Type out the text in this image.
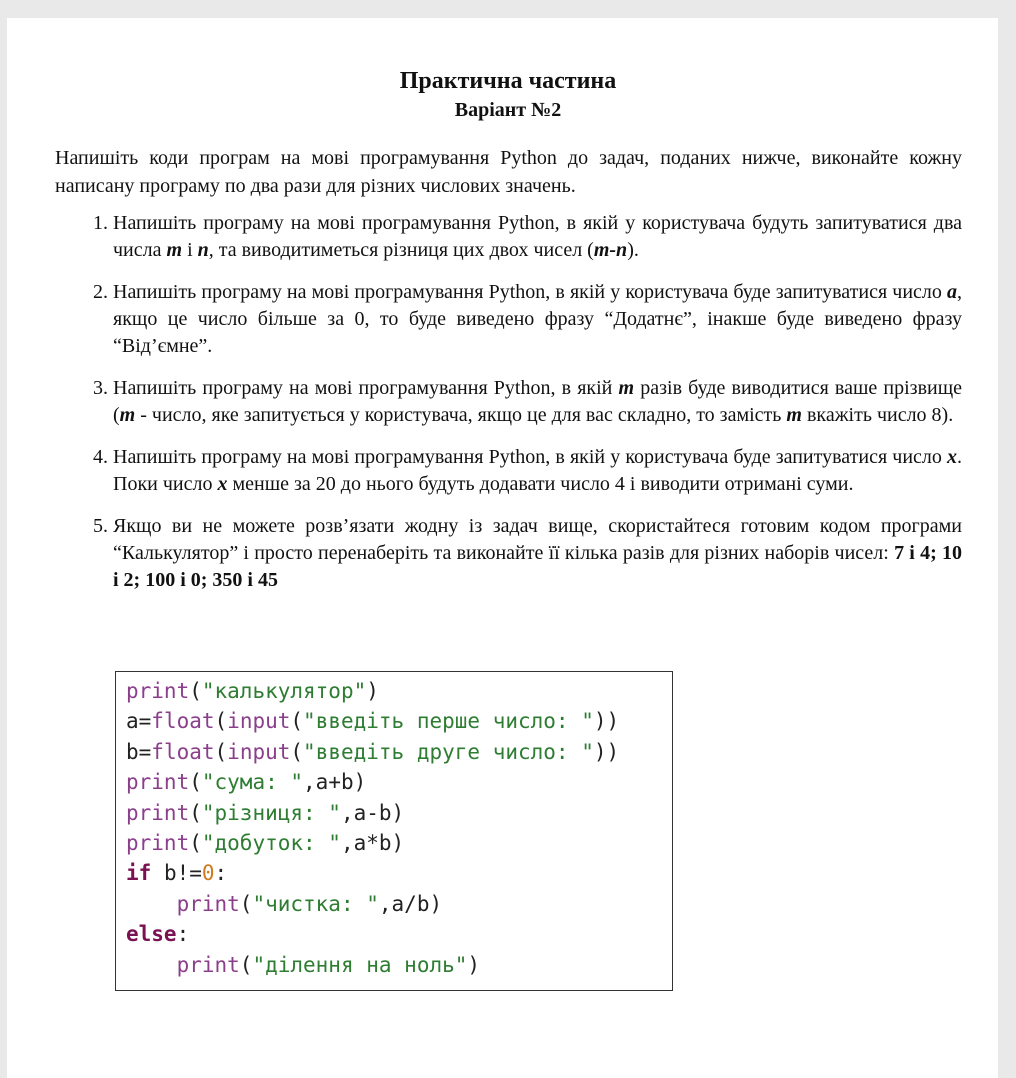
Практична частина
Варіант №2
Напишіть коди програм на мові програмування Python до задач, поданих нижче, виконайте кожну написану програму по два рази для різних числових значень.
1. Напишіть програму на мові програмування Python, в якій у користувача будуть запитуватися два числа m і n, та виводитиметься різниця цих двох чисел (m-n).
2. Напишіть програму на мові програмування Python, в якій у користувача буде запитуватися число a, якщо це число більше за 0, то буде виведено фразу “Додатнє”, інакше буде виведено фразу “Від’ємне”.
3. Напишіть програму на мові програмування Python, в якій m разів буде виводитися ваше прізвище (m - число, яке запитується у користувача, якщо це для вас складно, то замість m вкажіть число 8).
4. Напишіть програму на мові програмування Python, в якій у користувача буде запитуватися число x. Поки число x менше за 20 до нього будуть додавати число 4 і виводити отримані суми.
5. Якщо ви не можете розв’язати жодну із задач вище, скористайтеся готовим кодом програми “Калькулятор” і просто перенаберіть та виконайте її кілька разів для різних наборів чисел: 7 і 4; 10 і 2; 100 і 0; 350 і 45
print("калькулятор")
a=float(input("введіть перше число: "))
b=float(input("введіть друге число: "))
print("сума: ",a+b)
print("різниця: ",a-b)
print("добуток: ",a*b)
if b!=0:
print("чистка: ",a/b)
else:
print("ділення на ноль")
